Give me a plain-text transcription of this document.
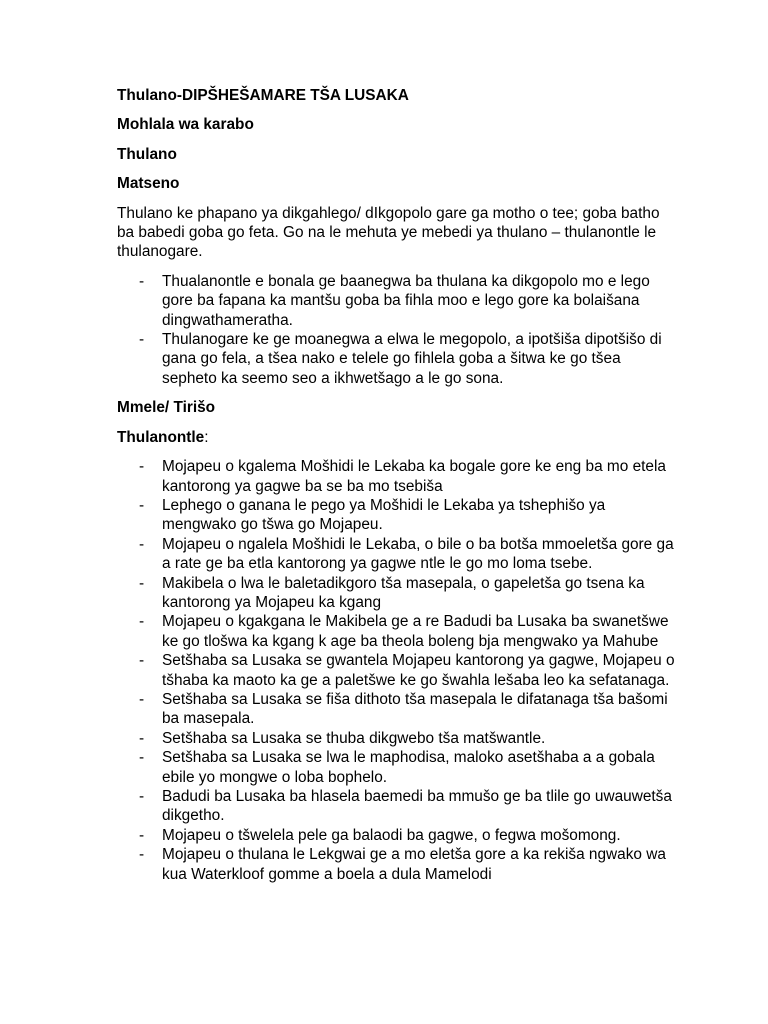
Thulano-DIPŠHEŠAMARE TŠA LUSAKA
Mohlala wa karabo
Thulano
Matseno

Thulano ke phapano ya dikgahlego/ dIkgopolo gare ga motho o tee; goba batho ba babedi goba go feta. Go na le mehuta ye mebedi ya thulano – thulanontle le thulanogare.

- Thualanontle e bonala ge baanegwa ba thulana ka dikgopolo mo e lego gore ba fapana ka mantšu goba ba fihla moo e lego gore ka bolaišana dingwathameratha.
- Thulanogare ke ge moanegwa a elwa le megopolo, a ipotšiša dipotšišo di gana go fela, a tšea nako e telele go fihlela goba a šitwa ke go tšea sepheto ka seemo seo a ikhwetšago a le go sona.
Mmele/ Tirišo
Thulanontle:
- Mojapeu o kgalema Mošhidi le Lekaba ka bogale gore ke eng ba mo etela kantorong ya gagwe ba se ba mo tsebiša
- Lephego o ganana le pego ya Mošhidi le Lekaba ya tshephišo ya mengwako go tšwa go Mojapeu.
- Mojapeu o ngalela Mošhidi le Lekaba, o bile o ba botša mmoeletša gore ga a rate ge ba etla kantorong ya gagwe ntle le go mo loma tsebe.
- Makibela o lwa le baletadikgoro tša masepala, o gapeletša go tsena ka kantorong ya Mojapeu ka kgang
- Mojapeu o kgakgana le Makibela ge a re Badudi ba Lusaka ba swanetšwe ke go tlošwa ka kgang k age ba theola boleng bja mengwako ya Mahube
- Setšhaba sa Lusaka se gwantela Mojapeu kantorong ya gagwe, Mojapeu o tšhaba ka maoto ka ge a paletšwe ke go šwahla lešaba leo ka sefatanaga.
- Setšhaba sa Lusaka se fiša dithoto tša masepala le difatanaga tša bašomi ba masepala.
- Setšhaba sa Lusaka se thuba dikgwebo tša matšwantle.
- Setšhaba sa Lusaka se lwa le maphodisa, maloko asetšhaba a a gobala ebile yo mongwe o loba bophelo.
- Badudi ba Lusaka ba hlasela baemedi ba mmušo ge ba tlile go uwauwetša dikgetho.
- Mojapeu o tšwelela pele ga balaodi ba gagwe, o fegwa mošomong.
- Mojapeu o thulana le Lekgwai ge a mo eletša gore a ka rekiša ngwako wa kua Waterkloof gomme a boela a dula Mamelodi
